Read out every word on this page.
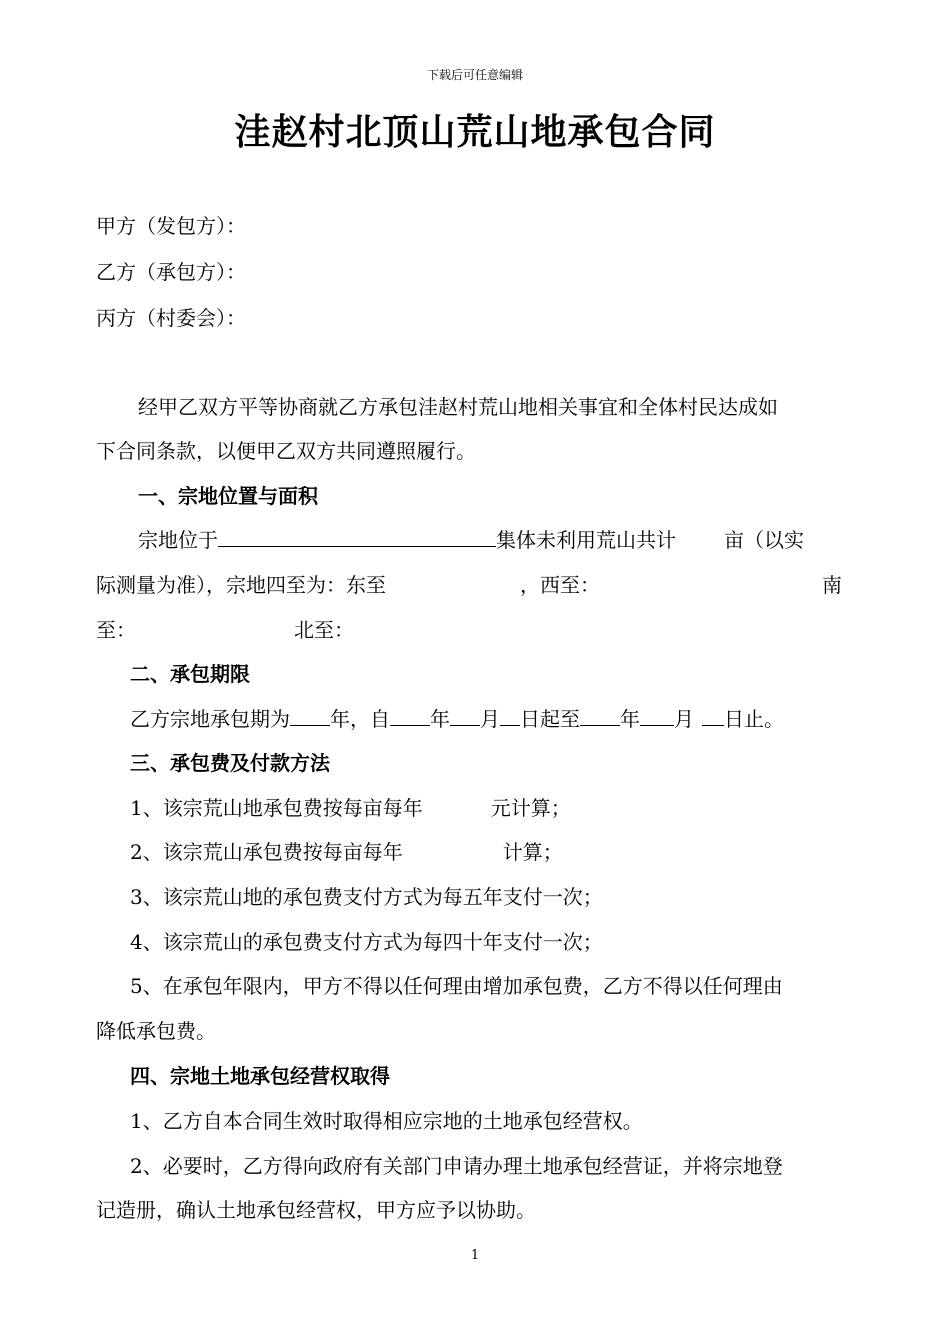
下载后可任意编辑
洼赵村北顶山荒山地承包合同
甲方（发包方）：
乙方（承包方）：
丙方（村委会）：
经甲乙双方平等协商就乙方承包洼赵村荒山地相关事宜和全体村民达成如
下合同条款，以便甲乙双方共同遵照履行。
一、宗地位置与面积
宗地位于	集体未利用荒山共计 亩（以实
际测量为准），宗地四至为：东至	，西至：	南
至：	北至：
二、承包期限
乙方宗地承包期为 年，自 年 月 日起至 年 月 日止。
三、承包费及付款方法
1、该宗荒山地承包费按每亩每年	元计算；
2、该宗荒山承包费按每亩每年	计算；
3、该宗荒山地的承包费支付方式为每五年支付一次；
4、该宗荒山的承包费支付方式为每四十年支付一次；
5、在承包年限内，甲方不得以任何理由增加承包费，乙方不得以任何理由
降低承包费。
四、宗地土地承包经营权取得
1、乙方自本合同生效时取得相应宗地的土地承包经营权。
2、必要时，乙方得向政府有关部门申请办理土地承包经营证，并将宗地登
记造册，确认土地承包经营权，甲方应予以协助。
1
